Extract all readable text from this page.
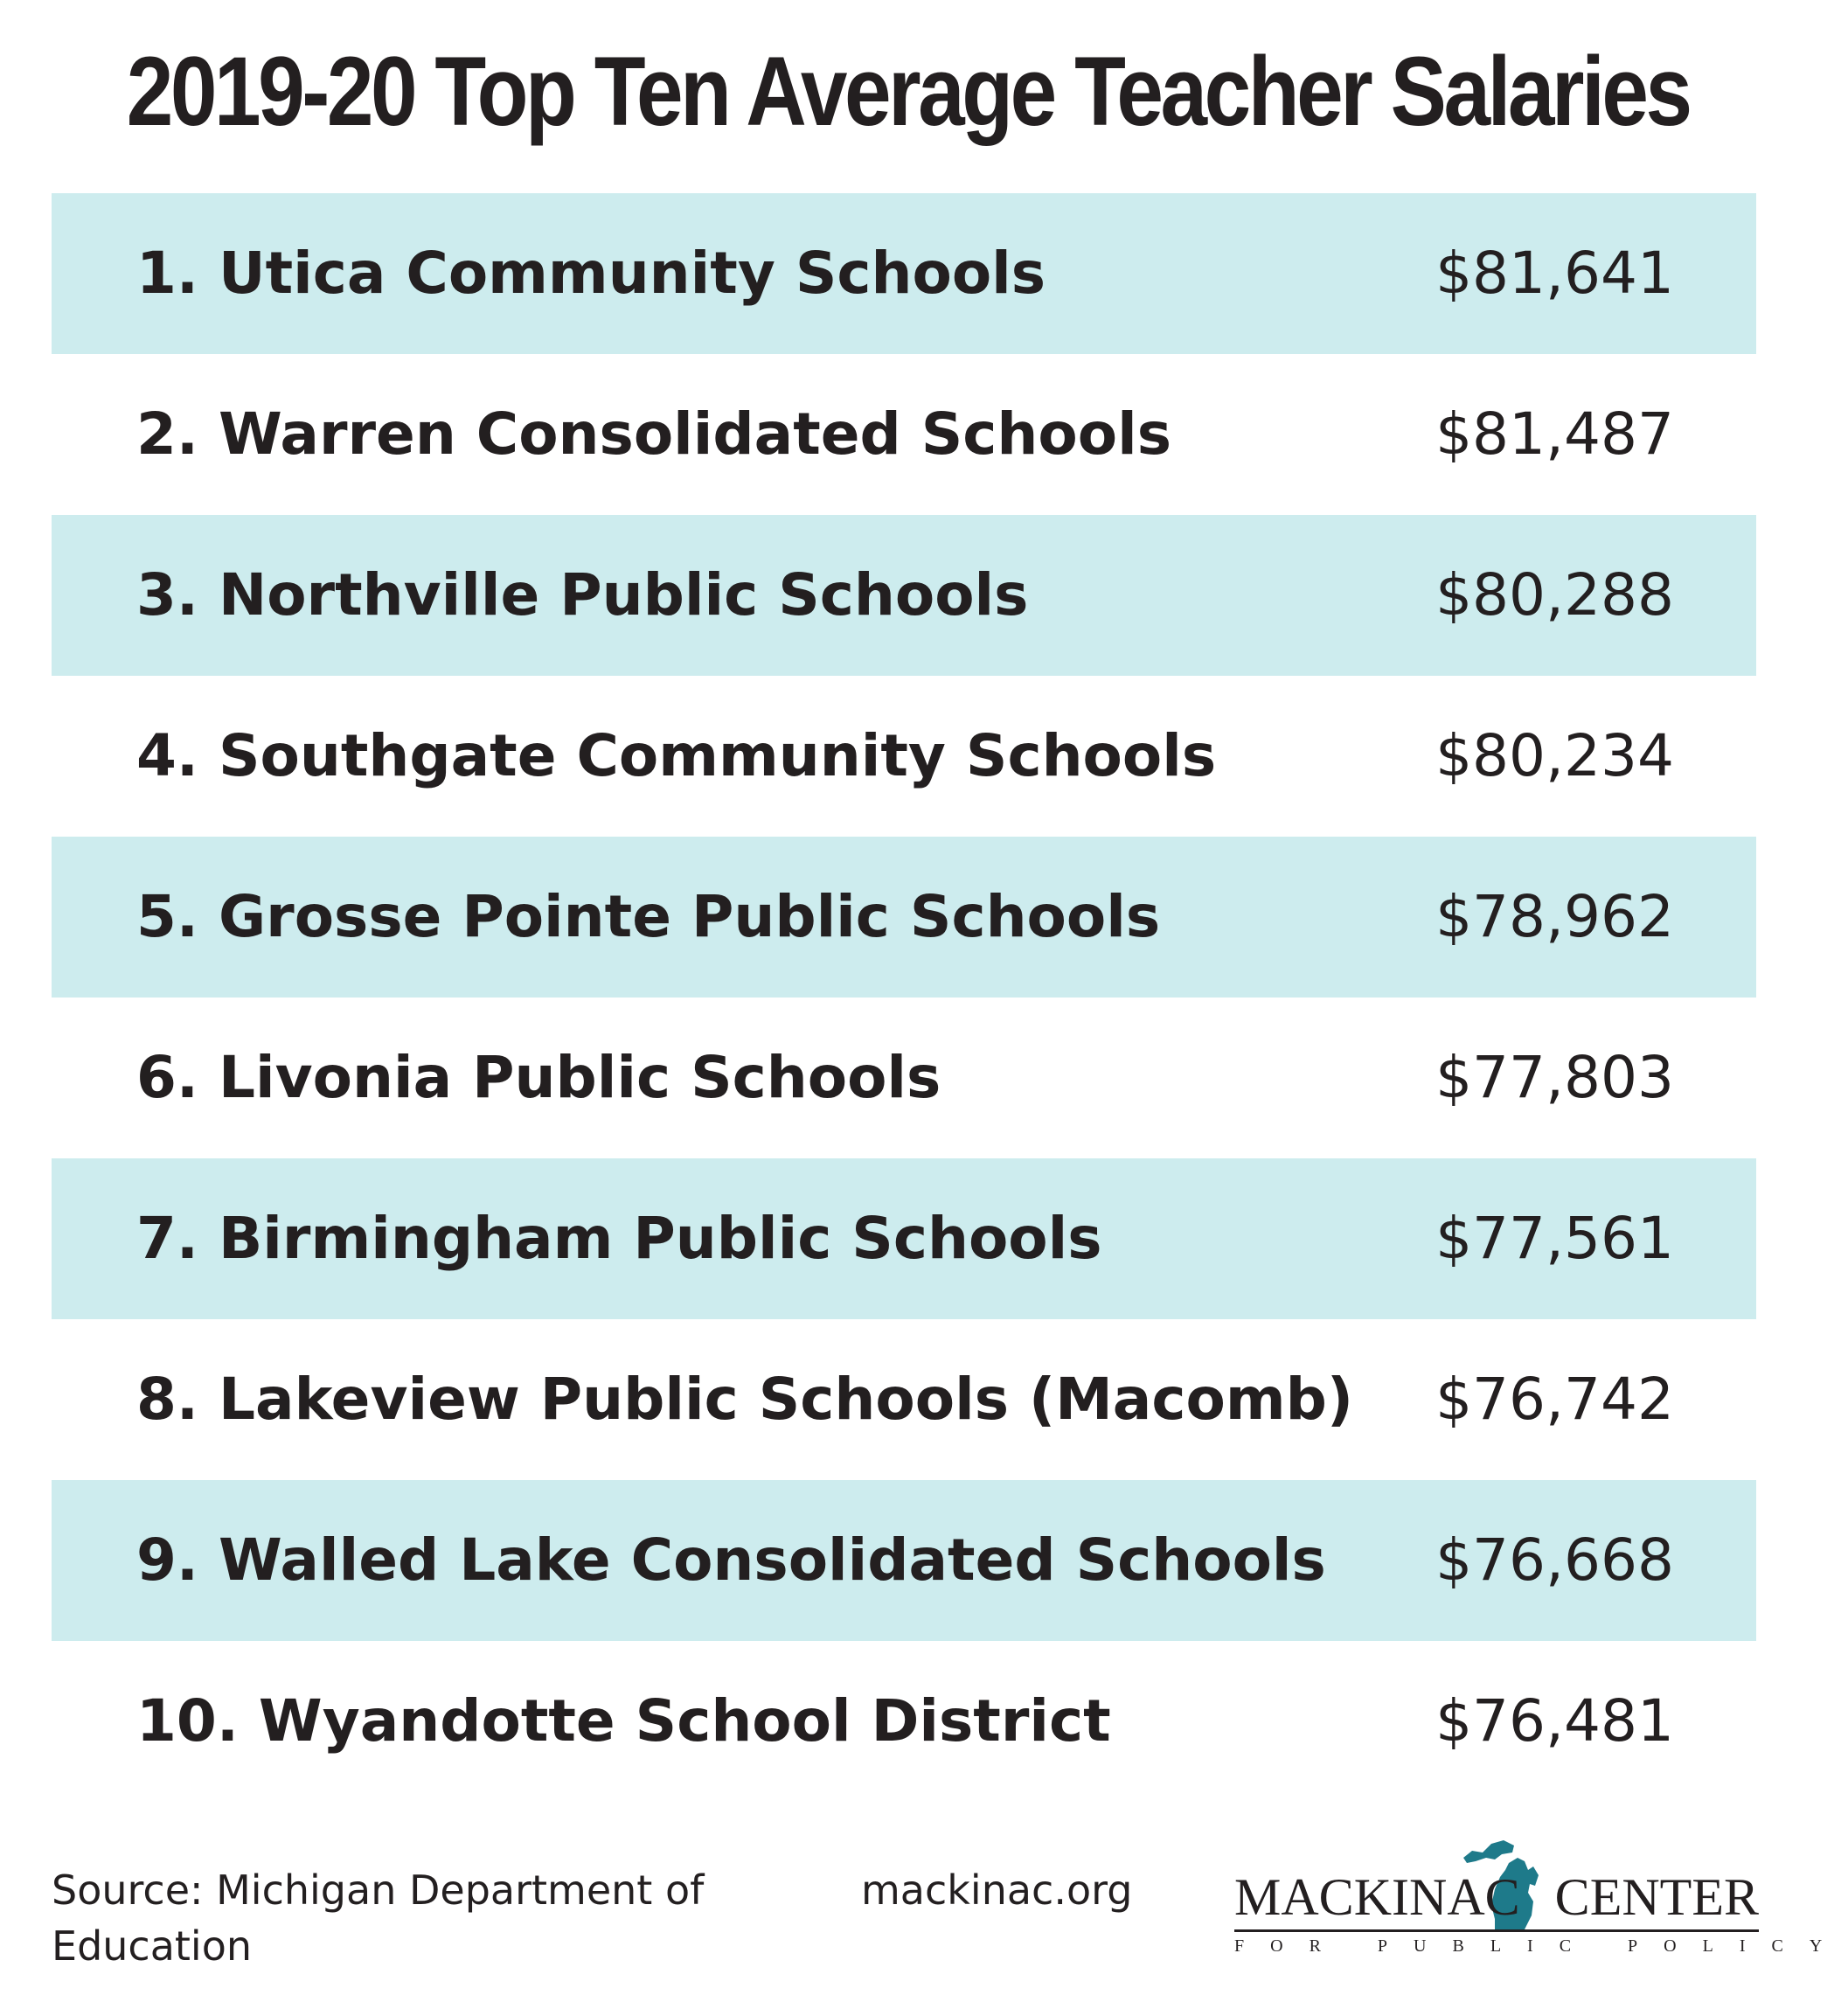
2019-20 Top Ten Average Teacher Salaries
1. Utica Community Schools	$81,641
2. Warren Consolidated Schools	$81,487
3. Northville Public Schools	$80,288
4. Southgate Community Schools	$80,234
5. Grosse Pointe Public Schools	$78,962
6. Livonia Public Schools	$77,803
7. Birmingham Public Schools	$77,561
8. Lakeview Public Schools (Macomb) $76,742
9. Walled Lake Consolidated Schools $76,668
10. Wyandotte School District	$76,481
Source: Michigan Department of Education
mackinac.org MACKINAC CENTER
FOR PUBLIC POLICY
